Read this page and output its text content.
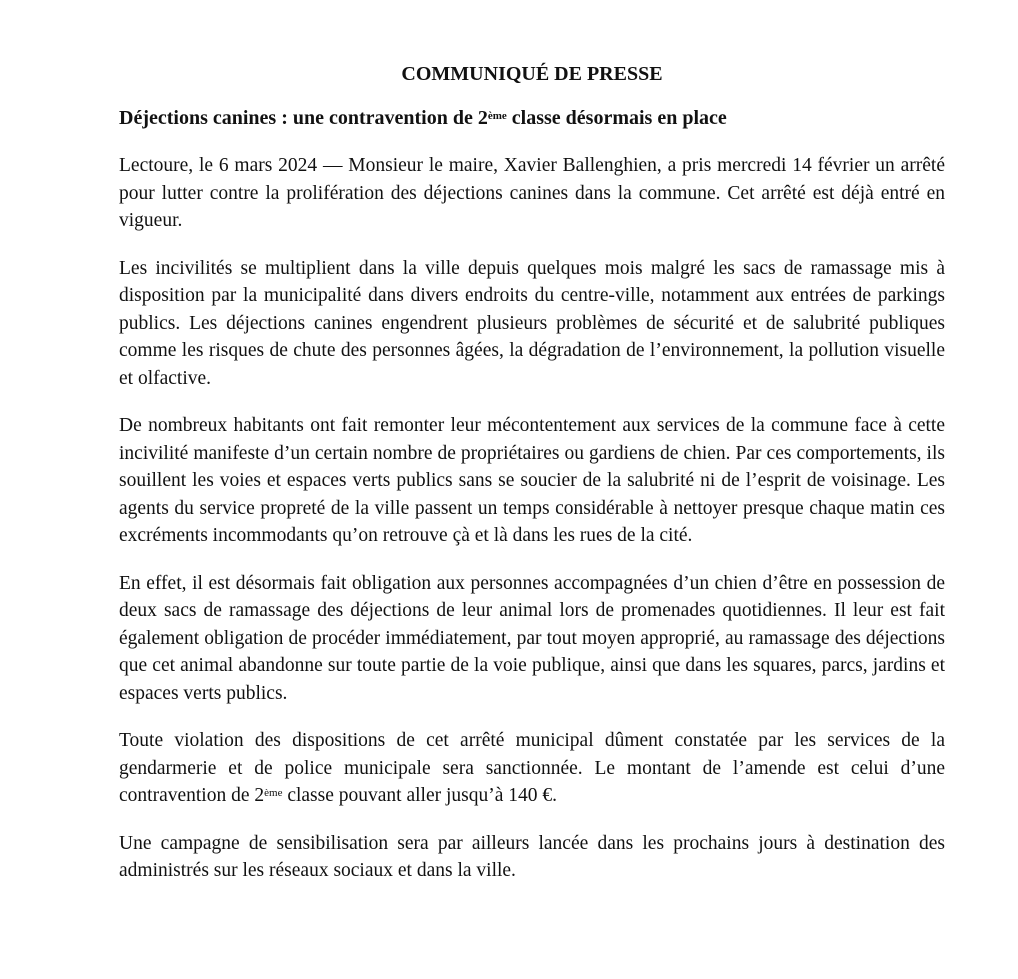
COMMUNIQUÉ DE PRESSE
Déjections canines : une contravention de 2ème classe désormais en place

Lectoure, le 6 mars 2024 — Monsieur le maire, Xavier Ballenghien, a pris mercredi 14 février un arrêté pour lutter contre la prolifération des déjections canines dans la commune. Cet arrêté est déjà entré en vigueur.

Les incivilités se multiplient dans la ville depuis quelques mois malgré les sacs de ramassage mis à disposition par la municipalité dans divers endroits du centre-ville, notamment aux entrées de parkings publics. Les déjections canines engendrent plusieurs problèmes de sécurité et de salubrité publiques comme les risques de chute des personnes âgées, la dégradation de l’environnement, la pollution visuelle et olfactive.

De nombreux habitants ont fait remonter leur mécontentement aux services de la commune face à cette incivilité manifeste d’un certain nombre de propriétaires ou gardiens de chien. Par ces comportements, ils souillent les voies et espaces verts publics sans se soucier de la salubrité ni de l’esprit de voisinage. Les agents du service propreté de la ville passent un temps considérable à nettoyer presque chaque matin ces excréments incommodants qu’on retrouve çà et là dans les rues de la cité.

En effet, il est désormais fait obligation aux personnes accompagnées d’un chien d’être en possession de deux sacs de ramassage des déjections de leur animal lors de promenades quotidiennes. Il leur est fait également obligation de procéder immédiatement, par tout moyen approprié, au ramassage des déjections que cet animal abandonne sur toute partie de la voie publique, ainsi que dans les squares, parcs, jardins et espaces verts publics.

Toute violation des dispositions de cet arrêté municipal dûment constatée par les services de la gendarmerie et de police municipale sera sanctionnée. Le montant de l’amende est celui d’une contravention de 2ème classe pouvant aller jusqu’à 140 €.

Une campagne de sensibilisation sera par ailleurs lancée dans les prochains jours à destination des administrés sur les réseaux sociaux et dans la ville.
